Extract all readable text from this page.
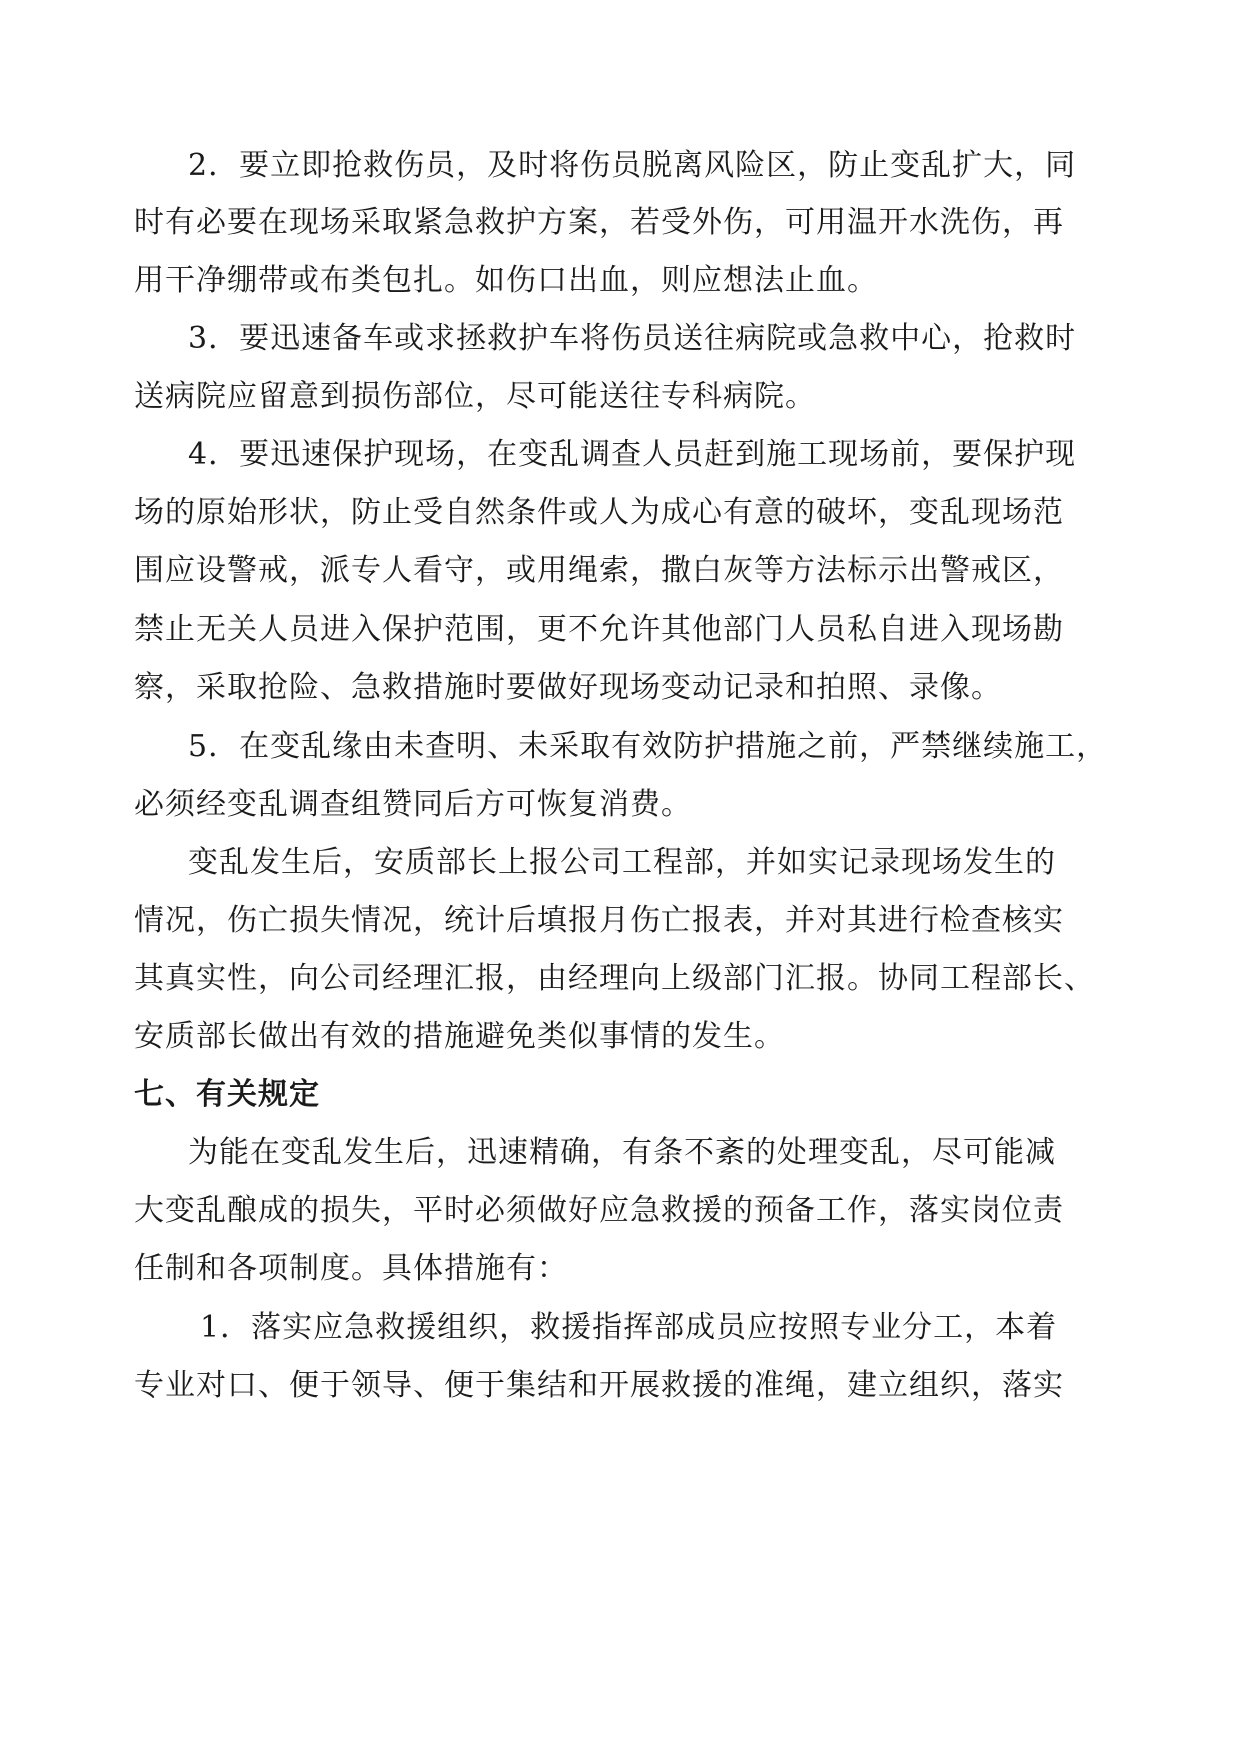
2．要立即抢救伤员，及时将伤员脱离风险区，防止变乱扩大，同
时有必要在现场采取紧急救护方案，若受外伤，可用温开水洗伤，再
用干净绷带或布类包扎。如伤口出血，则应想法止血。
3．要迅速备车或求拯救护车将伤员送往病院或急救中心，抢救时
送病院应留意到损伤部位，尽可能送往专科病院。
4．要迅速保护现场，在变乱调查人员赶到施工现场前，要保护现
场的原始形状，防止受自然条件或人为成心有意的破坏，变乱现场范
围应设警戒，派专人看守，或用绳索，撒白灰等方法标示出警戒区，
禁止无关人员进入保护范围，更不允许其他部门人员私自进入现场勘
察，采取抢险、急救措施时要做好现场变动记录和拍照、录像。
5．在变乱缘由未查明、未采取有效防护措施之前，严禁继续施工，
必须经变乱调查组赞同后方可恢复消费。
变乱发生后，安质部长上报公司工程部，并如实记录现场发生的
情况，伤亡损失情况，统计后填报月伤亡报表，并对其进行检查核实
其真实性，向公司经理汇报，由经理向上级部门汇报。协同工程部长、
安质部长做出有效的措施避免类似事情的发生。
七、有关规定
为能在变乱发生后，迅速精确，有条不紊的处理变乱，尽可能减
大变乱酿成的损失，平时必须做好应急救援的预备工作，落实岗位责
任制和各项制度。具体措施有：
1．落实应急救援组织，救援指挥部成员应按照专业分工，本着
专业对口、便于领导、便于集结和开展救援的准绳，建立组织，落实
